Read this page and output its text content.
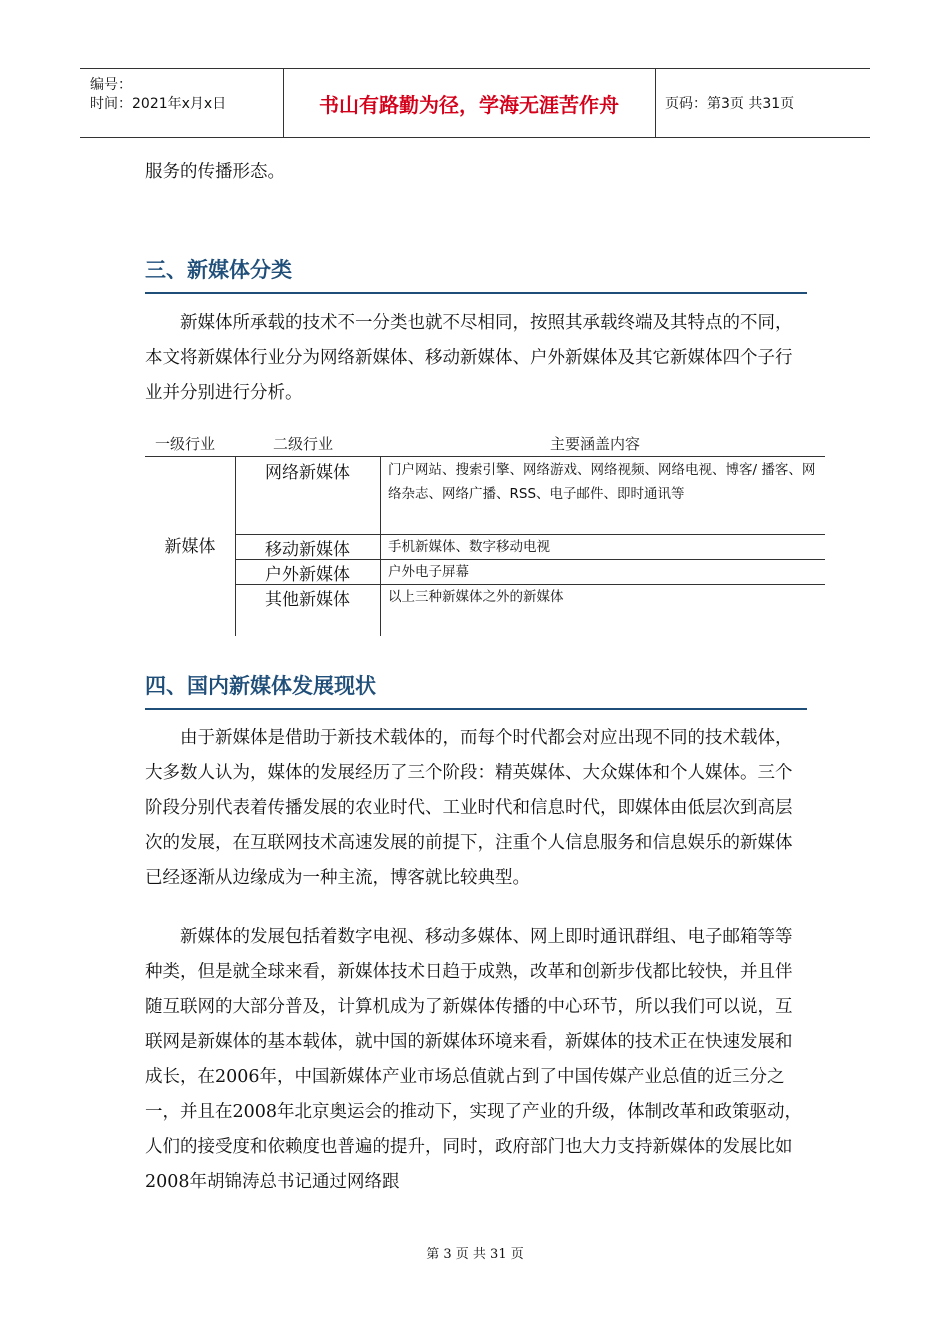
编号：
时间：2021年x月x日	书山有路勤为径，学海无涯苦作舟	页码：第3页 共31页
服务的传播形态。
三、新媒体分类
新媒体所承载的技术不一分类也就不尽相同，按照其承载终端及其特点的不同，本文将新媒体行业分为网络新媒体、移动新媒体、户外新媒体及其它新媒体四个子行业并分别进行分析。
一级行业	二级行业	主要涵盖内容
新媒体
网络新媒体	门户网站、搜索引擎、网络游戏、网络视频、网络电视、博客/ 播客、网络杂志、网络广播、RSS、电子邮件、即时通讯等
移动新媒体	手机新媒体、数字移动电视
户外新媒体	户外电子屏幕
其他新媒体	以上三种新媒体之外的新媒体
四、国内新媒体发展现状
由于新媒体是借助于新技术载体的，而每个时代都会对应出现不同的技术载体，大多数人认为，媒体的发展经历了三个阶段：精英媒体、大众媒体和个人媒体。三个阶段分别代表着传播发展的农业时代、工业时代和信息时代，即媒体由低层次到高层次的发展，在互联网技术高速发展的前提下，注重个人信息服务和信息娱乐的新媒体已经逐渐从边缘成为一种主流，博客就比较典型。
新媒体的发展包括着数字电视、移动多媒体、网上即时通讯群组、电子邮箱等等种类，但是就全球来看，新媒体技术日趋于成熟，改革和创新步伐都比较快，并且伴随互联网的大部分普及，计算机成为了新媒体传播的中心环节，所以我们可以说，互联网是新媒体的基本载体，就中国的新媒体环境来看，新媒体的技术正在快速发展和成长，在2006年，中国新媒体产业市场总值就占到了中国传媒产业总值的近三分之一，并且在2008年北京奥运会的推动下，实现了产业的升级，体制改革和政策驱动，人们的接受度和依赖度也普遍的提升，同时，政府部门也大力支持新媒体的发展比如2008年胡锦涛总书记通过网络跟
第 3 页 共 31 页
